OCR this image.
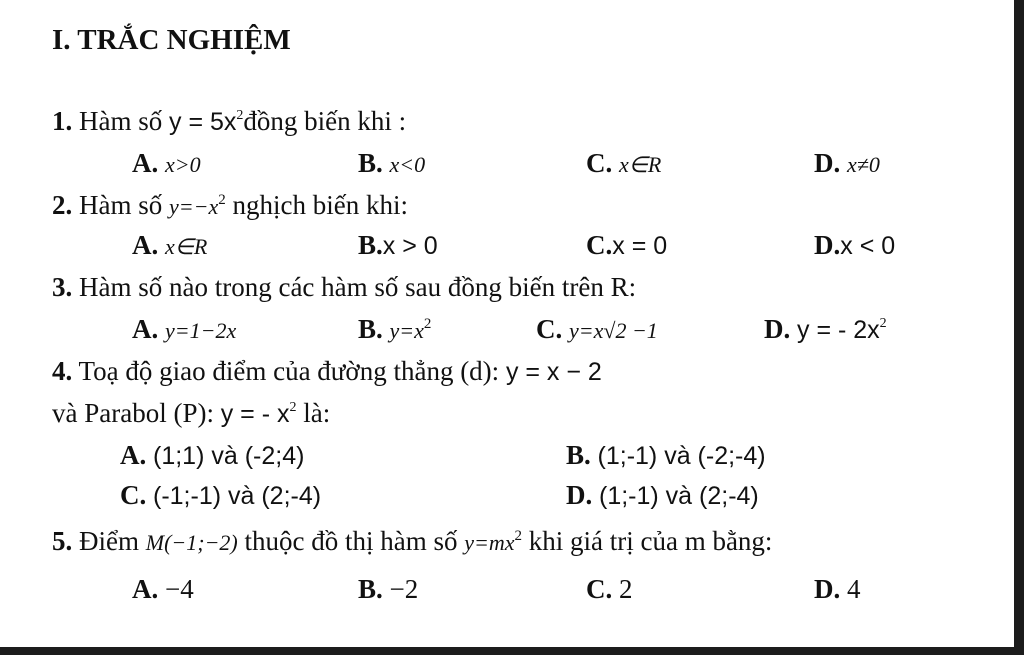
I. TRẮC NGHIỆM
1. Hàm số $y = 5x^2đồng$ biến khi :
A. x>0	B. x<0	C. x∈R	D. x≠0
2. Hàm số $y=-x^2$ nghịch biến khi:
A. x∈R	B.x > 0	C.x = 0	D.x < 0
3. Hàm số nào trong các hàm số sau đồng biến trên R:
A. y=1−2x	B. $y=x^2$	C. y=x√2 −1	D. y = - $2x^2$
4. Toạ độ giao điểm của đường thẳng (d): y = x − 2
và Parabol (P): y = - $x^2$ là:
A. (1;1) và (-2;4)	B. (1;-1) và (-2;-4)
C. (-1;-1) và (2;-4)	D. (1;-1) và (2;-4)
5. Điểm M(−1;−2) thuộc đồ thị hàm số $y=mx^2$ khi giá trị của m bằng:
A. −4	B. −2	C. 2	D. 4
